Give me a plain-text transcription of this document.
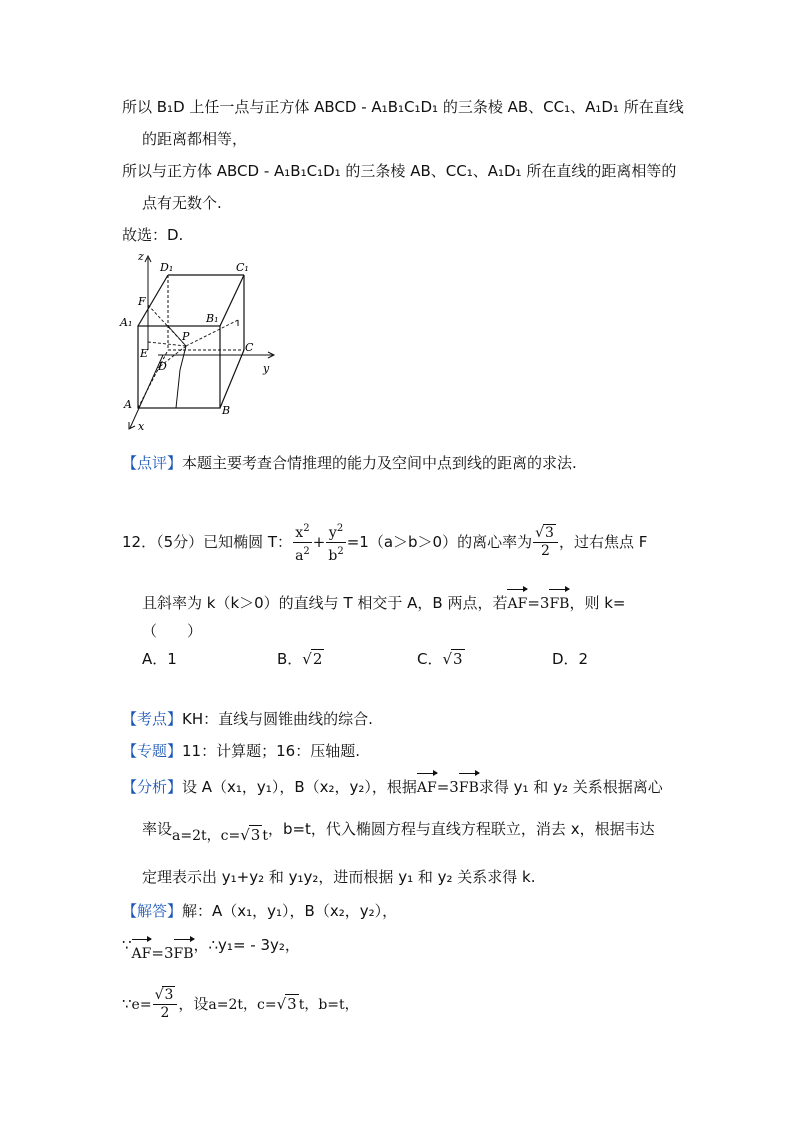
所以 B₁D 上任一点与正方体 ABCD - A₁B₁C₁D₁ 的三条棱 AB、CC₁、A₁D₁ 所在直线
的距离都相等，
所以与正方体 ABCD - A₁B₁C₁D₁ 的三条棱 AB、CC₁、A₁D₁ 所在直线的距离相等的
点有无数个.
故选：D.
z
D₁	C₁
F
A₁	B₁
P
E	C
D	y
A	B
x
【点评】本题主要考查合情推理的能力及空间中点到线的距离的求法.
12．（5分）已知椭圆 T： $\frac{x^2}{a^2} + \frac{y^2}{b^2} =1(a>b>0)$的离心率为 $\frac{√3}{2}$ ，过右焦点 F
且斜率为 k（k＞0）的直线与 T 相交于 A，B 两点，若
AF=3
FB，则 k=
（　　）
A．1	B．√2	C．√3	D．2
【考点】KH：直线与圆锥曲线的综合.
【专题】11：计算题；16：压轴题.
【分析】设 A（x₁，y₁），B（x₂，y₂），根据
AF=3
FB求得 y₁ 和 y₂ 关系根据离心
率设a=2t，c=√3 t，b=t，代入椭圆方程与直线方程联立，消去 x，根据韦达
定理表示出 y₁+y₂ 和 y₁y₂，进而根据 y₁ 和 y₂ 关系求得 k.
【解答】解：A（x₁，y₁），B（x₂，y₂），
∵
AF=3
FB，∴y₁= - 3y₂，
∵e= $\frac{√3}{2}$ ，设a=2t，c=√3 t，b=t，
